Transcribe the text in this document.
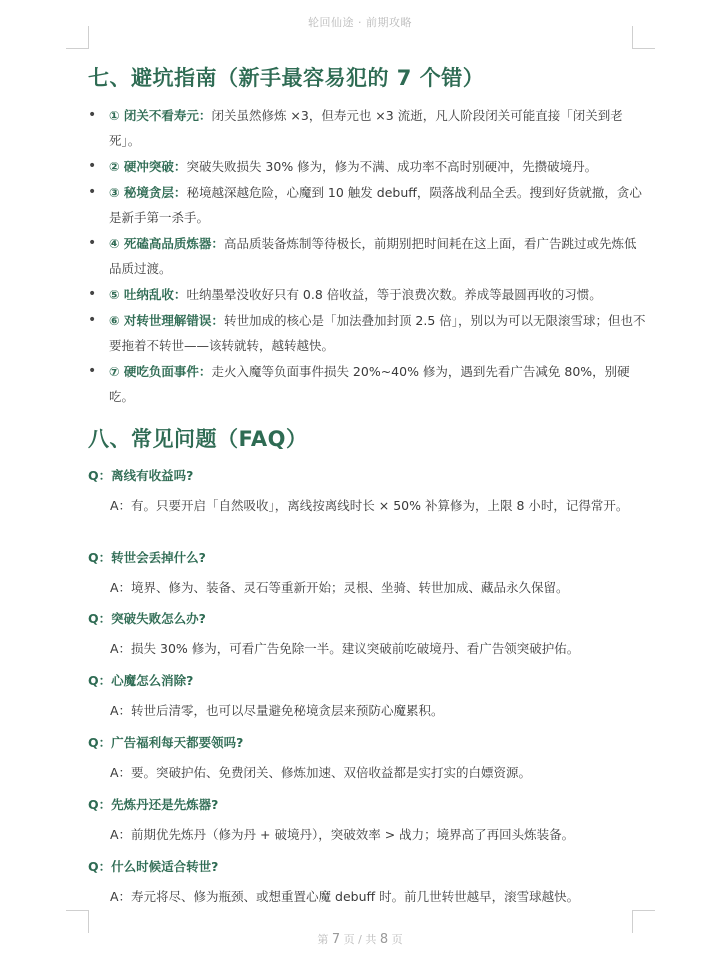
轮回仙途 · 前期攻略
七、避坑指南（新手最容易犯的 7 个错）
• ① 闭关不看寿元：闭关虽然修炼 ×3，但寿元也 ×3 流逝，凡人阶段闭关可能直接「闭关到老死」。
• ② 硬冲突破：突破失败损失 30% 修为，修为不满、成功率不高时别硬冲，先攒破境丹。
• ③ 秘境贪层：秘境越深越危险，心魔到 10 触发 debuff，陨落战利品全丢。搜到好货就撤，贪心是新手第一杀手。
• ④ 死磕高品质炼器：高品质装备炼制等待极长，前期别把时间耗在这上面，看广告跳过或先炼低品质过渡。
• ⑤ 吐纳乱收：吐纳墨晕没收好只有 0.8 倍收益，等于浪费次数。养成等最圆再收的习惯。
• ⑥ 对转世理解错误：转世加成的核心是「加法叠加封顶 2.5 倍」，别以为可以无限滚雪球；但也不要拖着不转世——该转就转，越转越快。
• ⑦ 硬吃负面事件：走火入魔等负面事件损失 20%~40% 修为，遇到先看广告减免 80%，别硬吃。
八、常见问题（FAQ）
Q：离线有收益吗?
A：有。只要开启「自然吸收」，离线按离线时长 × 50% 补算修为，上限 8 小时，记得常开。
Q：转世会丢掉什么?
A：境界、修为、装备、灵石等重新开始；灵根、坐骑、转世加成、藏品永久保留。
Q：突破失败怎么办?
A：损失 30% 修为，可看广告免除一半。建议突破前吃破境丹、看广告领突破护佑。
Q：心魔怎么消除?
A：转世后清零，也可以尽量避免秘境贪层来预防心魔累积。
Q：广告福利每天都要领吗?
A：要。突破护佑、免费闭关、修炼加速、双倍收益都是实打实的白嫖资源。
Q：先炼丹还是先炼器?
A：前期优先炼丹（修为丹 + 破境丹），突破效率 > 战力；境界高了再回头炼装备。
Q：什么时候适合转世?
A：寿元将尽、修为瓶颈、或想重置心魔 debuff 时。前几世转世越早，滚雪球越快。
第 7 页 / 共 8 页
